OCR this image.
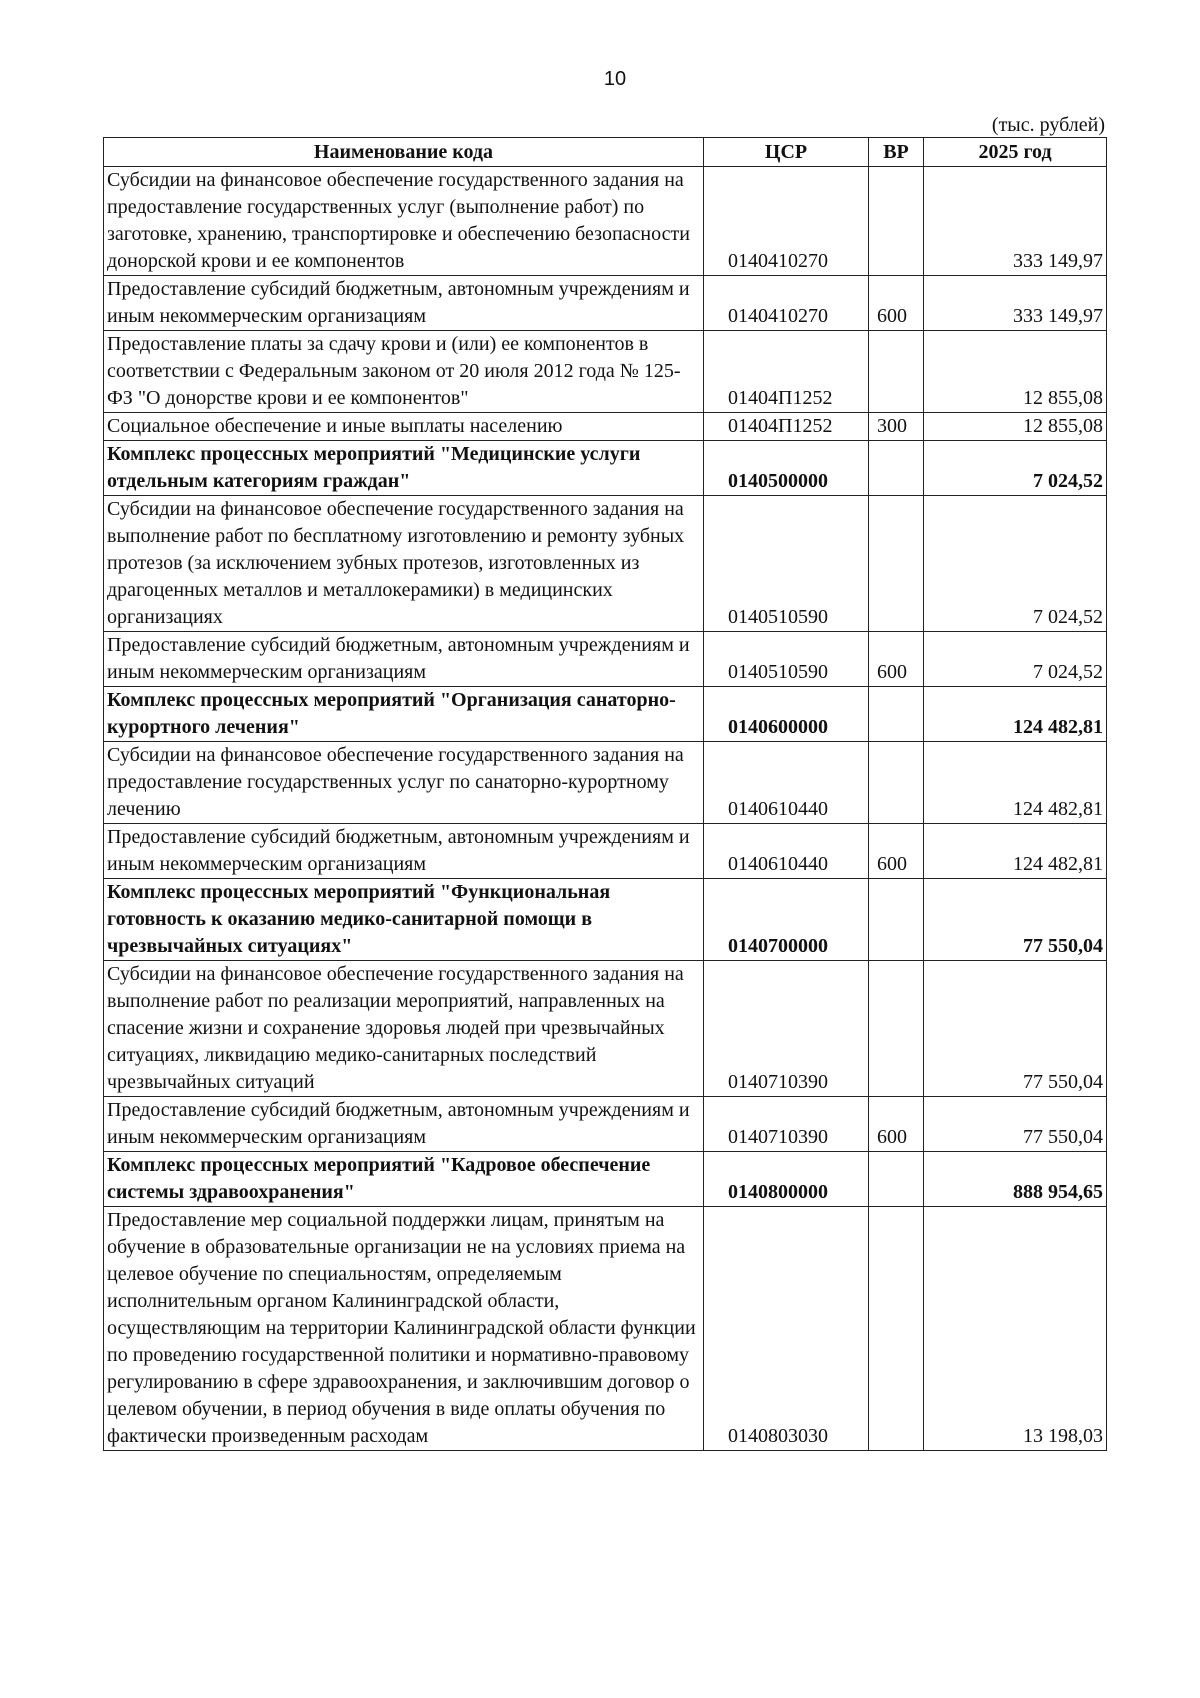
10
(тыс. рублей)
Наименование кода	ЦСР	ВР	2025 год
Субсидии на финансовое обеспечение государственного задания на предоставление государственных услуг (выполнение работ) по заготовке, хранению, транспортировке и обеспечению безопасности донорской крови и ее компонентов	0140410270		333 149,97
Предоставление субсидий бюджетным, автономным учреждениям и иным некоммерческим организациям	0140410270	600	333 149,97
Предоставление платы за сдачу крови и (или) ее компонентов в соответствии с Федеральным законом от 20 июля 2012 года № 125-ФЗ "О донорстве крови и ее компонентов"	01404П1252		12 855,08
Социальное обеспечение и иные выплаты населению	01404П1252	300	12 855,08
Комплекс процессных мероприятий "Медицинские услуги отдельным категориям граждан"	0140500000		7 024,52
Субсидии на финансовое обеспечение государственного задания на выполнение работ по бесплатному изготовлению и ремонту зубных протезов (за исключением зубных протезов, изготовленных из драгоценных металлов и металлокерамики) в медицинских организациях	0140510590		7 024,52
Предоставление субсидий бюджетным, автономным учреждениям и иным некоммерческим организациям	0140510590	600	7 024,52
Комплекс процессных мероприятий "Организация санаторно-курортного лечения"	0140600000		124 482,81
Субсидии на финансовое обеспечение государственного задания на предоставление государственных услуг по санаторно-курортному лечению	0140610440		124 482,81
Предоставление субсидий бюджетным, автономным учреждениям и иным некоммерческим организациям	0140610440	600	124 482,81
Комплекс процессных мероприятий "Функциональная готовность к оказанию медико-санитарной помощи в чрезвычайных ситуациях"	0140700000		77 550,04
Субсидии на финансовое обеспечение государственного задания на выполнение работ по реализации мероприятий, направленных на спасение жизни и сохранение здоровья людей при чрезвычайных ситуациях, ликвидацию медико-санитарных последствий чрезвычайных ситуаций	0140710390		77 550,04
Предоставление субсидий бюджетным, автономным учреждениям и иным некоммерческим организациям	0140710390	600	77 550,04
Комплекс процессных мероприятий "Кадровое обеспечение системы здравоохранения"	0140800000		888 954,65
Предоставление мер социальной поддержки лицам, принятым на обучение в образовательные организации не на условиях приема на целевое обучение по специальностям, определяемым исполнительным органом Калининградской области, осуществляющим на территории Калининградской области функции по проведению государственной политики и нормативно-правовому регулированию в сфере здравоохранения, и заключившим договор о целевом обучении, в период обучения в виде оплаты обучения по фактически произведенным расходам	0140803030		13 198,03
